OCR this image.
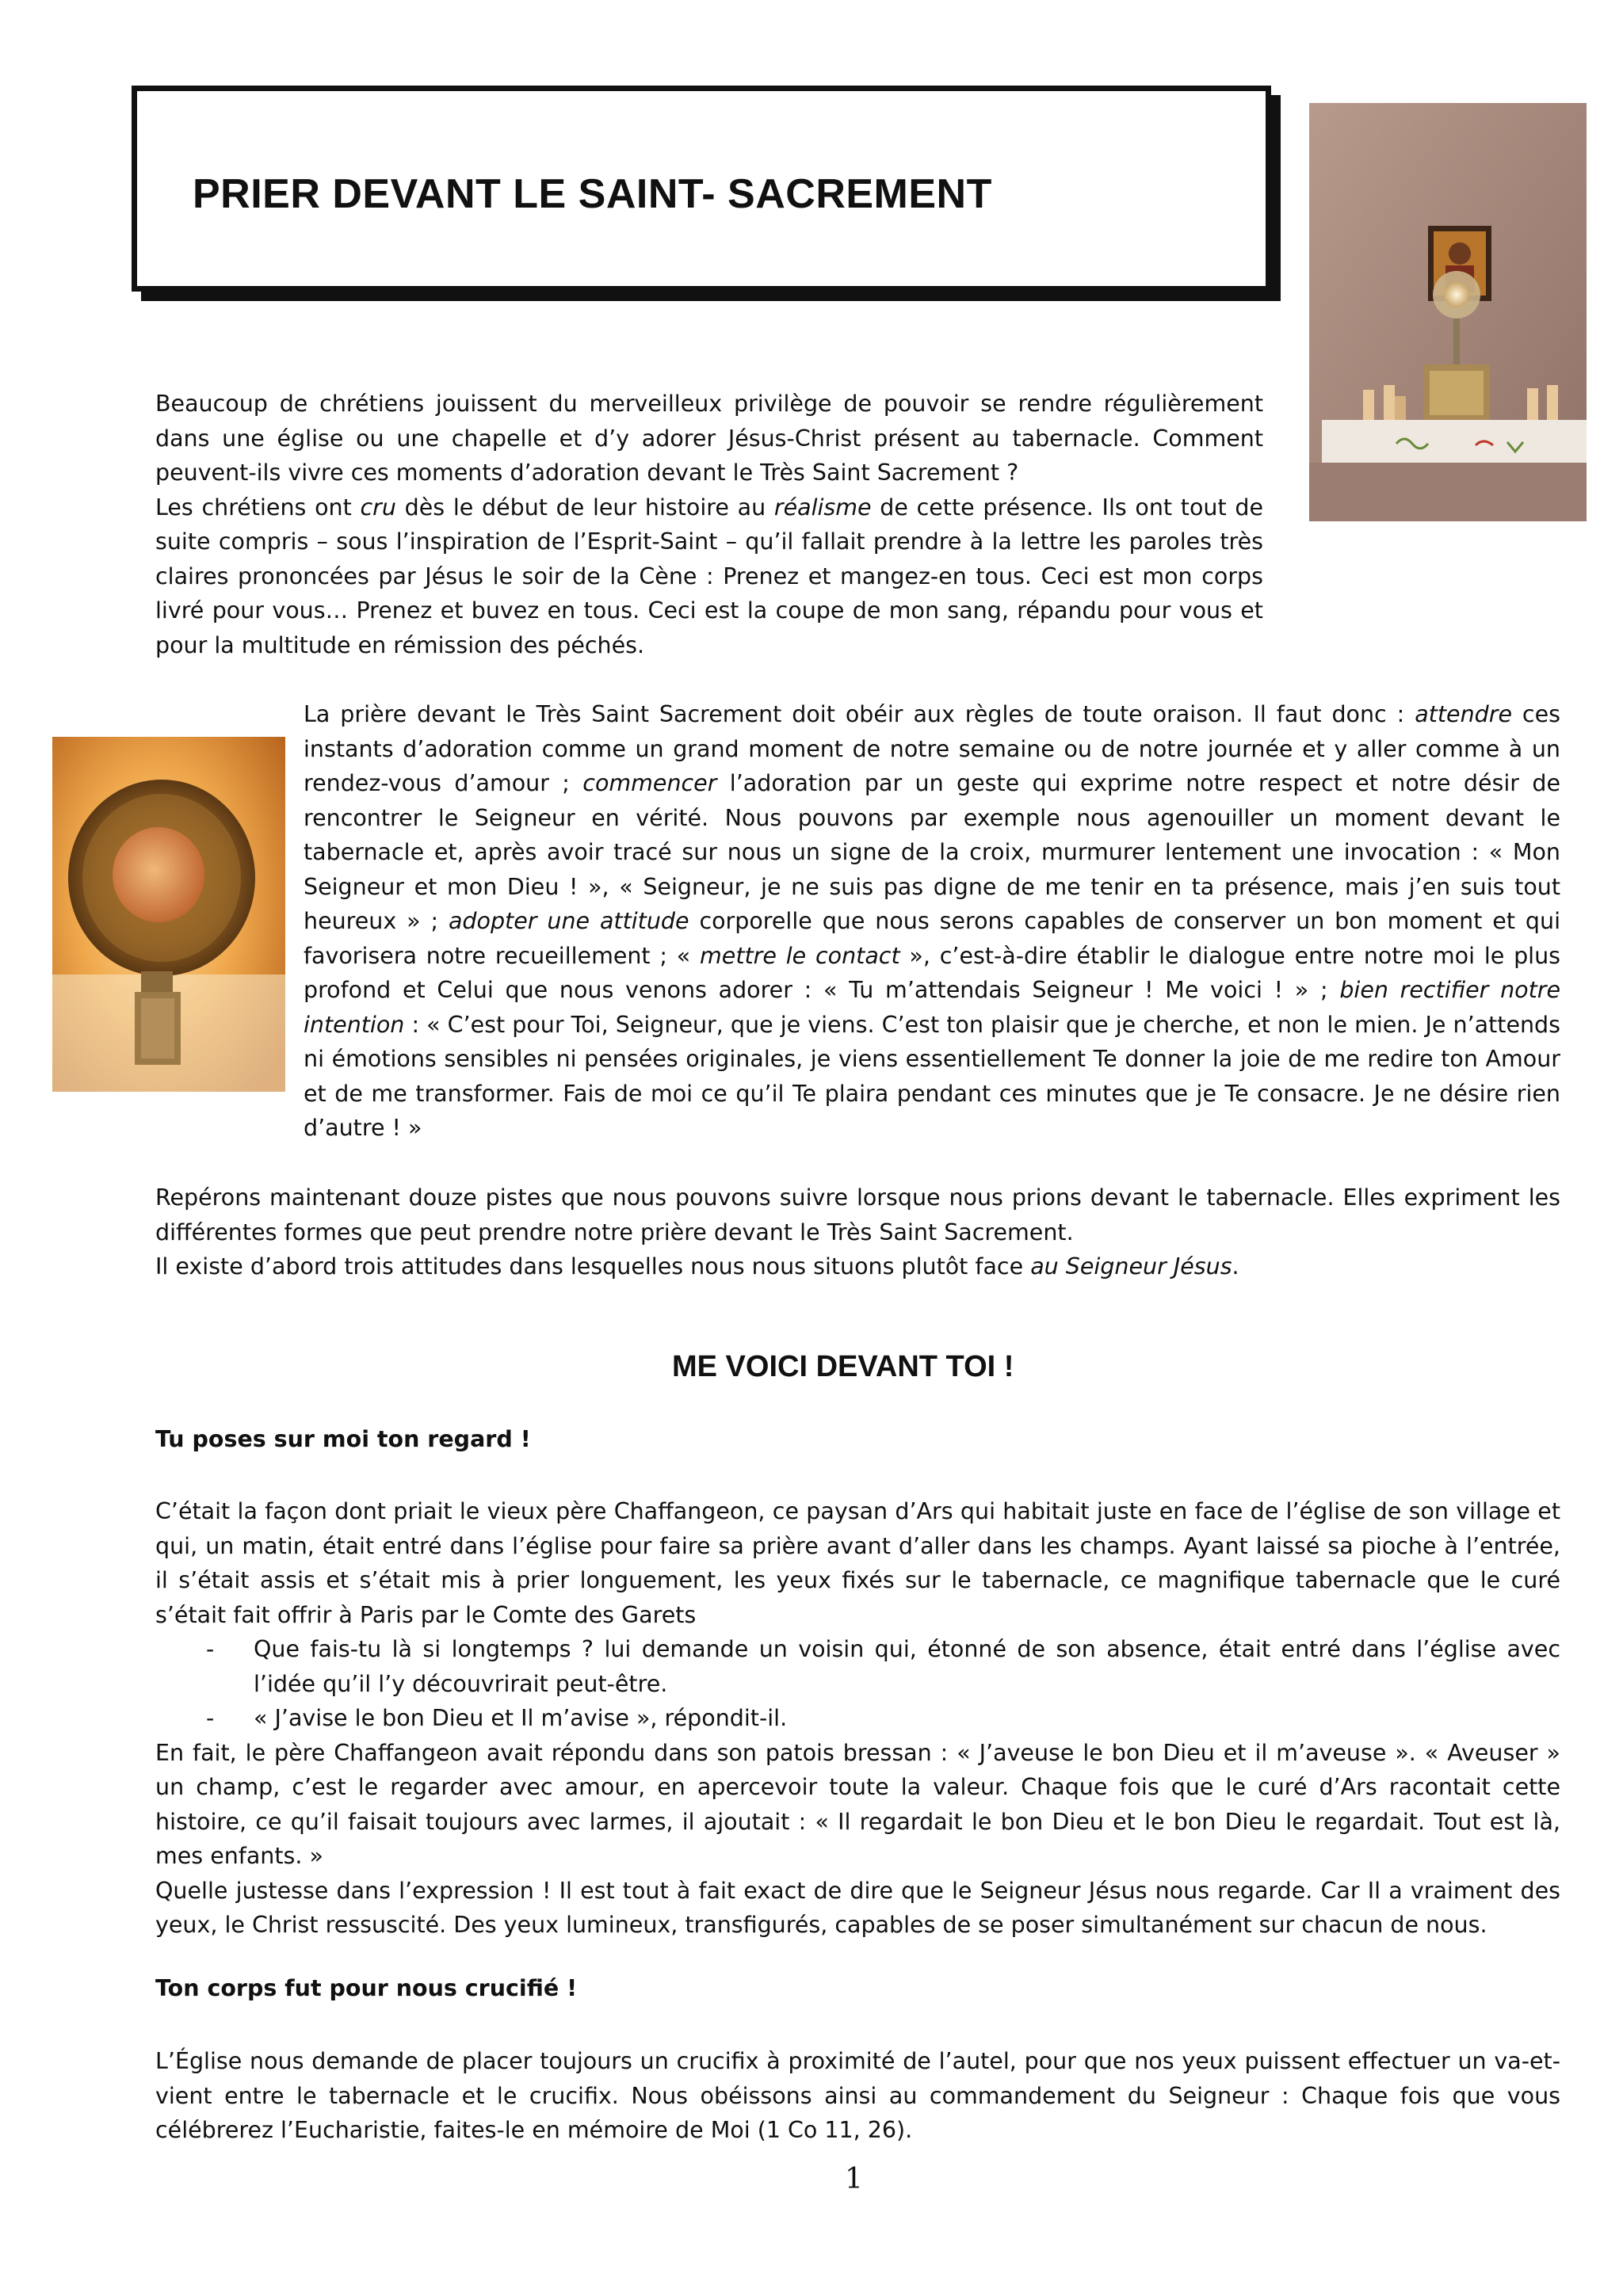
PRIER DEVANT LE SAINT- SACREMENT

Beaucoup de chrétiens jouissent du merveilleux privilège de pouvoir se rendre régulièrement dans une église ou une chapelle et d’y adorer Jésus-Christ présent au tabernacle. Comment peuvent-ils vivre ces moments d’adoration devant le Très Saint Sacrement ?

Les chrétiens ont cru dès le début de leur histoire au réalisme de cette présence. Ils ont tout de suite compris – sous l’inspiration de l’Esprit-Saint – qu’il fallait prendre à la lettre les paroles très claires prononcées par Jésus le soir de la Cène : Prenez et mangez-en tous. Ceci est mon corps livré pour vous… Prenez et buvez en tous. Ceci est la coupe de mon sang, répandu pour vous et pour la multitude en rémission des péchés.

La prière devant le Très Saint Sacrement doit obéir aux règles de toute oraison. Il faut donc : attendre ces instants d’adoration comme un grand moment de notre semaine ou de notre journée et y aller comme à un rendez-vous d’amour ; commencer l’adoration par un geste qui exprime notre respect et notre désir de rencontrer le Seigneur en vérité. Nous pouvons par exemple nous agenouiller un moment devant le tabernacle et, après avoir tracé sur nous un signe de la croix, murmurer lentement une invocation : « Mon Seigneur et mon Dieu ! », « Seigneur, je ne suis pas digne de me tenir en ta présence, mais j’en suis tout heureux » ; adopter une attitude corporelle que nous serons capables de conserver un bon moment et qui favorisera notre recueillement ; « mettre le contact », c’est-à-dire établir le dialogue entre notre moi le plus profond et Celui que nous venons adorer : « Tu m’attendais Seigneur ! Me voici ! » ; bien rectifier notre intention : « C’est pour Toi, Seigneur, que je viens. C’est ton plaisir que je cherche, et non le mien. Je n’attends ni émotions sensibles ni pensées originales, je viens essentiellement Te donner la joie de me redire ton Amour et de me transformer. Fais de moi ce qu’il Te plaira pendant ces minutes que je Te consacre. Je ne désire rien d’autre ! »

Repérons maintenant douze pistes que nous pouvons suivre lorsque nous prions devant le tabernacle. Elles expriment les différentes formes que peut prendre notre prière devant le Très Saint Sacrement.

Il existe d’abord trois attitudes dans lesquelles nous nous situons plutôt face au Seigneur Jésus.

ME VOICI DEVANT TOI !
Tu poses sur moi ton regard !

C’était la façon dont priait le vieux père Chaffangeon, ce paysan d’Ars qui habitait juste en face de l’église de son village et qui, un matin, était entré dans l’église pour faire sa prière avant d’aller dans les champs. Ayant laissé sa pioche à l’entrée, il s’était assis et s’était mis à prier longuement, les yeux fixés sur le tabernacle, ce magnifique tabernacle que le curé s’était fait offrir à Paris par le Comte des Garets

- Que fais-tu là si longtemps ? lui demande un voisin qui, étonné de son absence, était entré dans l’église avec l’idée qu’il l’y découvrirait peut-être.

- « J’avise le bon Dieu et Il m’avise », répondit-il.

En fait, le père Chaffangeon avait répondu dans son patois bressan : « J’aveuse le bon Dieu et il m’aveuse ». « Aveuser » un champ, c’est le regarder avec amour, en apercevoir toute la valeur. Chaque fois que le curé d’Ars racontait cette histoire, ce qu’il faisait toujours avec larmes, il ajoutait : « Il regardait le bon Dieu et le bon Dieu le regardait. Tout est là, mes enfants. »

Quelle justesse dans l’expression ! Il est tout à fait exact de dire que le Seigneur Jésus nous regarde. Car Il a vraiment des yeux, le Christ ressuscité. Des yeux lumineux, transfigurés, capables de se poser simultanément sur chacun de nous.

Ton corps fut pour nous crucifié !

L’Église nous demande de placer toujours un crucifix à proximité de l’autel, pour que nos yeux puissent effectuer un va-et-vient entre le tabernacle et le crucifix. Nous obéissons ainsi au commandement du Seigneur : Chaque fois que vous célébrerez l’Eucharistie, faites-le en mémoire de Moi (1 Co 11, 26).

1
